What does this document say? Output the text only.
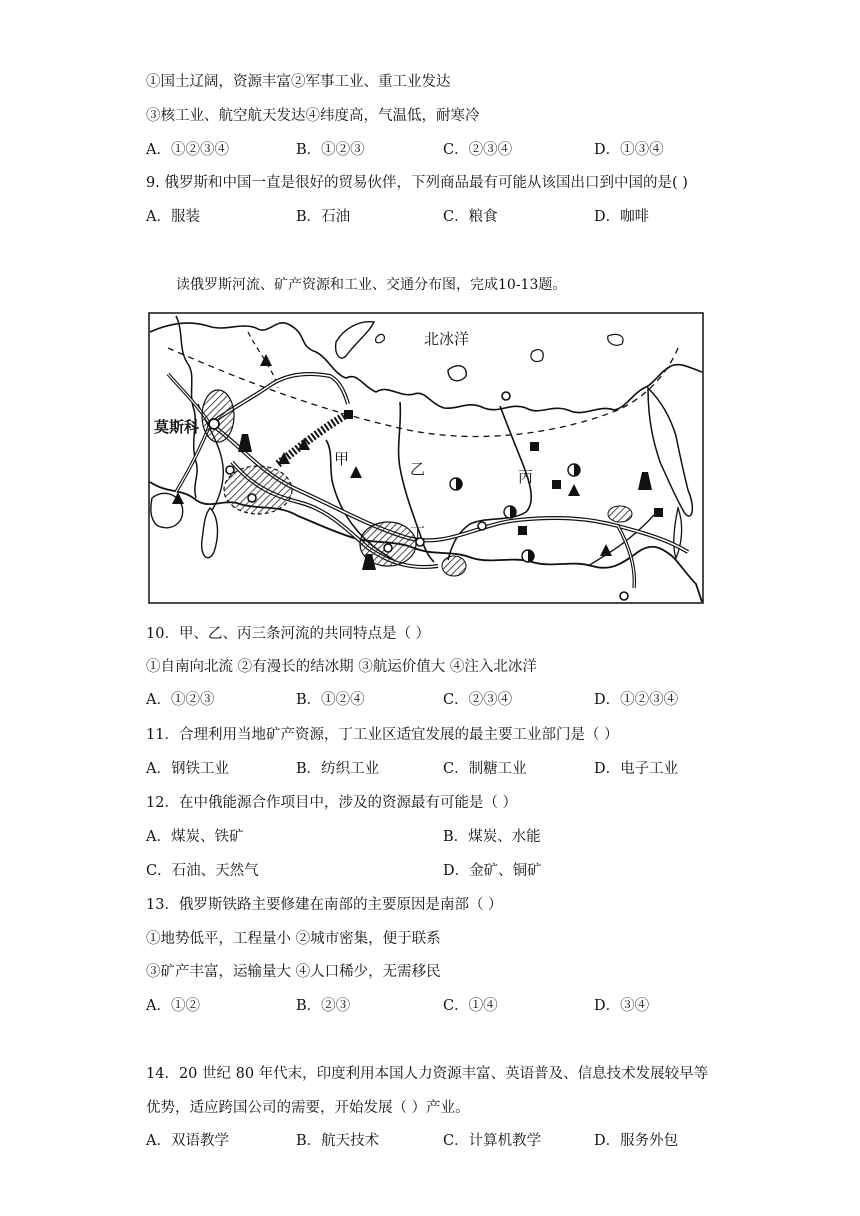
①国土辽阔，资源丰富②军事工业、重工业发达
③核工业、航空航天发达④纬度高，气温低，耐寒冷
A．①②③④	B．①②③	C．②③④	D．①③④
9. 俄罗斯和中国一直是很好的贸易伙伴，下列商品最有可能从该国出口到中国的是( )
A．服装	B．石油	C．粮食	D．咖啡
读俄罗斯河流、矿产资源和工业、交通分布图，完成10-13题。
北冰洋
莫斯科
甲
乙	丙
丁
10．甲、乙、丙三条河流的共同特点是（ ）
①自南向北流 ②有漫长的结冰期 ③航运价值大 ④注入北冰洋
A．①②③	B．①②④	C．②③④	D．①②③④
11．合理利用当地矿产资源，丁工业区适宜发展的最主要工业部门是（ ）
A．钢铁工业	B．纺织工业	C．制糖工业	D．电子工业
12．在中俄能源合作项目中，涉及的资源最有可能是（ ）
A．煤炭、铁矿	B．煤炭、水能
C．石油、天然气	D．金矿、铜矿
13．俄罗斯铁路主要修建在南部的主要原因是南部（ ）
①地势低平，工程量小 ②城市密集，便于联系
③矿产丰富，运输量大 ④人口稀少，无需移民
A．①②	B．②③	C．①④	D．③④
14．20 世纪 80 年代末，印度利用本国人力资源丰富、英语普及、信息技术发展较早等
优势，适应跨国公司的需要，开始发展（ ）产业。
A．双语教学	B．航天技术	C．计算机教学	D．服务外包
